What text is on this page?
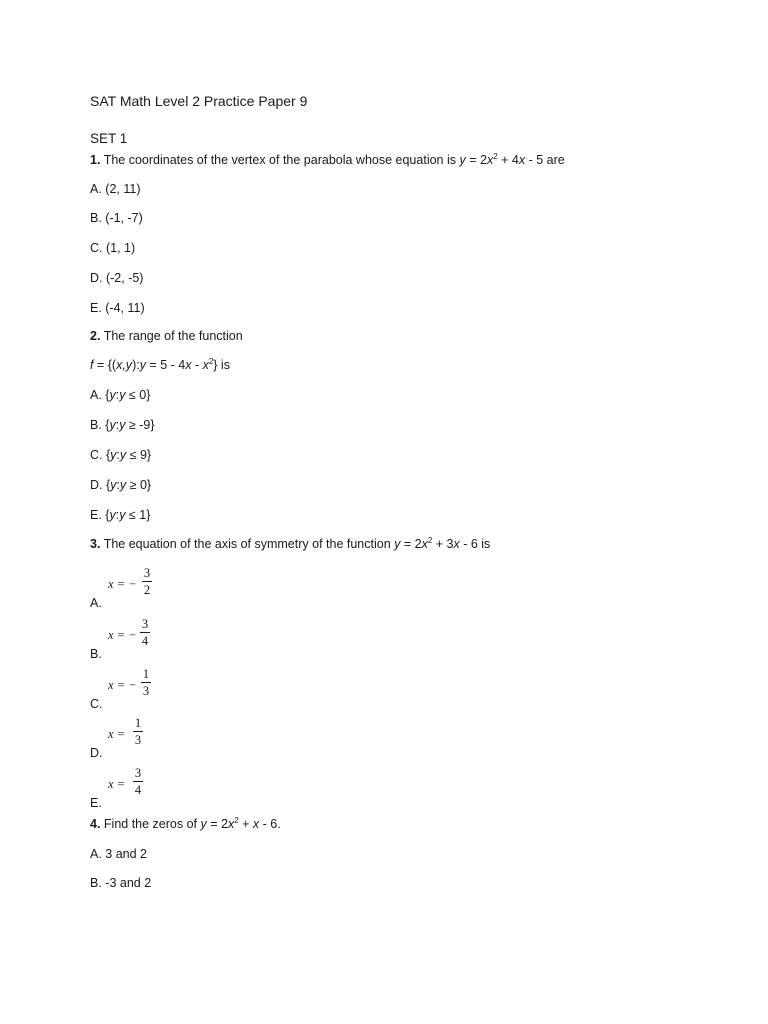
SAT Math Level 2 Practice Paper 9
SET 1
1. The coordinates of the vertex of the parabola whose equation is $y = 2x^2 + 4x - 5$ are
A. (2, 11)
B. (-1, -7)
C. (1, 1)
D. (-2, -5)
E. (-4, 11)
2. The range of the function
f = {(x,y):y = $5 - 4x - x^2$} is
A. {y:y ≤ 0}
B. {y:y ≥ -9}
C. {y:y ≤ 9}
D. {y:y ≥ 0}
E. {y:y ≤ 1}
3. The equation of the axis of symmetry of the function $y = 2x^2 + 3x - 6$ is
A.
x = −
3
2
B.
x = −
3
4
C.
x = −
1
3
D.
x =
1
3
E.
x =
3
4
4. Find the zeros of $y = 2x^2 + x - 6$.
A. 3 and 2
B. -3 and 2
